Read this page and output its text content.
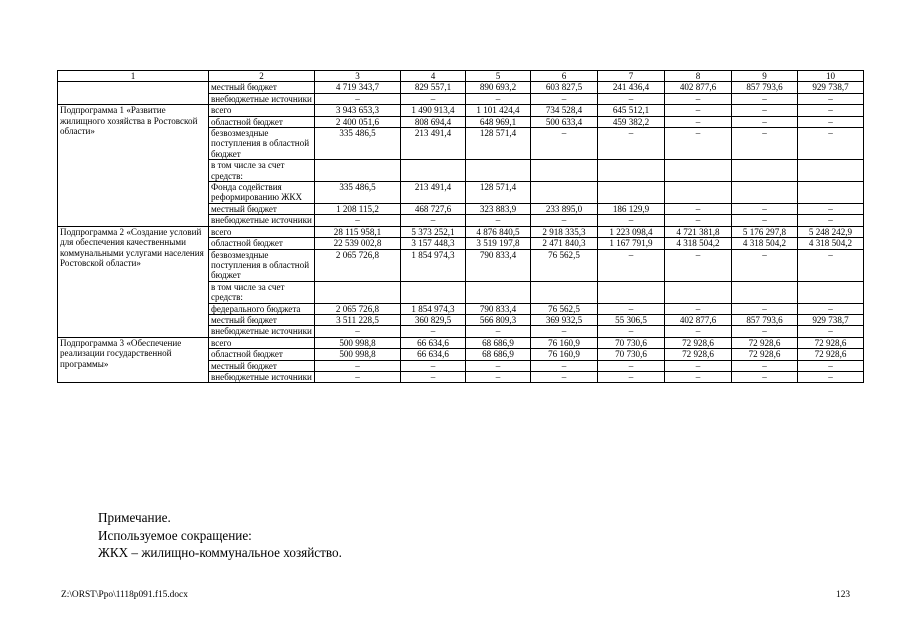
1	2	3	4	5	6	7	8	9	10
	местный бюджет	4 719 343,7	829 557,1	890 693,2	603 827,5	241 436,4	402 877,6	857 793,6	929 738,7
	внебюджетные источники	–	–	–	–	–	–	–	–
Подпрограмма 1 «Развитие жилищного хозяйства в Ростовской области»	всего	3 943 653,3	1 490 913,4	1 101 424,4	734 528,4	645 512,1	–	–	–
	областной бюджет	2 400 051,6	808 694,4	648 969,1	500 633,4	459 382,2	–	–	–
	безвозмездные поступления в областной бюджет	335 486,5	213 491,4	128 571,4	–	–	–	–	–
	в том числе за счет средств:								
	Фонда содействия реформированию ЖКХ	335 486,5	213 491,4	128 571,4					
	местный бюджет	1 208 115,2	468 727,6	323 883,9	233 895,0	186 129,9	–	–	–
	внебюджетные источники	–	–	–	–	–	–	–	–
Подпрограмма 2 «Создание условий для обеспечения качественными коммунальными услугами населения Ростовской области»	всего	28 115 958,1	5 373 252,1	4 876 840,5	2 918 335,3	1 223 098,4	4 721 381,8	5 176 297,8	5 248 242,9
	областной бюджет	22 539 002,8	3 157 448,3	3 519 197,8	2 471 840,3	1 167 791,9	4 318 504,2	4 318 504,2	4 318 504,2
	безвозмездные поступления в областной бюджет	2 065 726,8	1 854 974,3	790 833,4	76 562,5	–	–	–	–
	в том числе за счет средств:								
	федерального бюджета	2 065 726,8	1 854 974,3	790 833,4	76 562,5	–	–	–	–
	местный бюджет	3 511 228,5	360 829,5	566 809,3	369 932,5	55 306,5	402 877,6	857 793,6	929 738,7
	внебюджетные источники	–	–	–	–	–	–	–	–
Подпрограмма 3 «Обеспечение реализации государственной программы»	всего	500 998,8	66 634,6	68 686,9	76 160,9	70 730,6	72 928,6	72 928,6	72 928,6
	областной бюджет	500 998,8	66 634,6	68 686,9	76 160,9	70 730,6	72 928,6	72 928,6	72 928,6
	местный бюджет	–	–	–	–	–	–	–	–
	внебюджетные источники	–	–	–	–	–	–	–	–
Примечание.
Используемое сокращение:
ЖКХ – жилищно-коммунальное хозяйство.
Z:\ORST\Ppo\1118p091.f15.docx	123
